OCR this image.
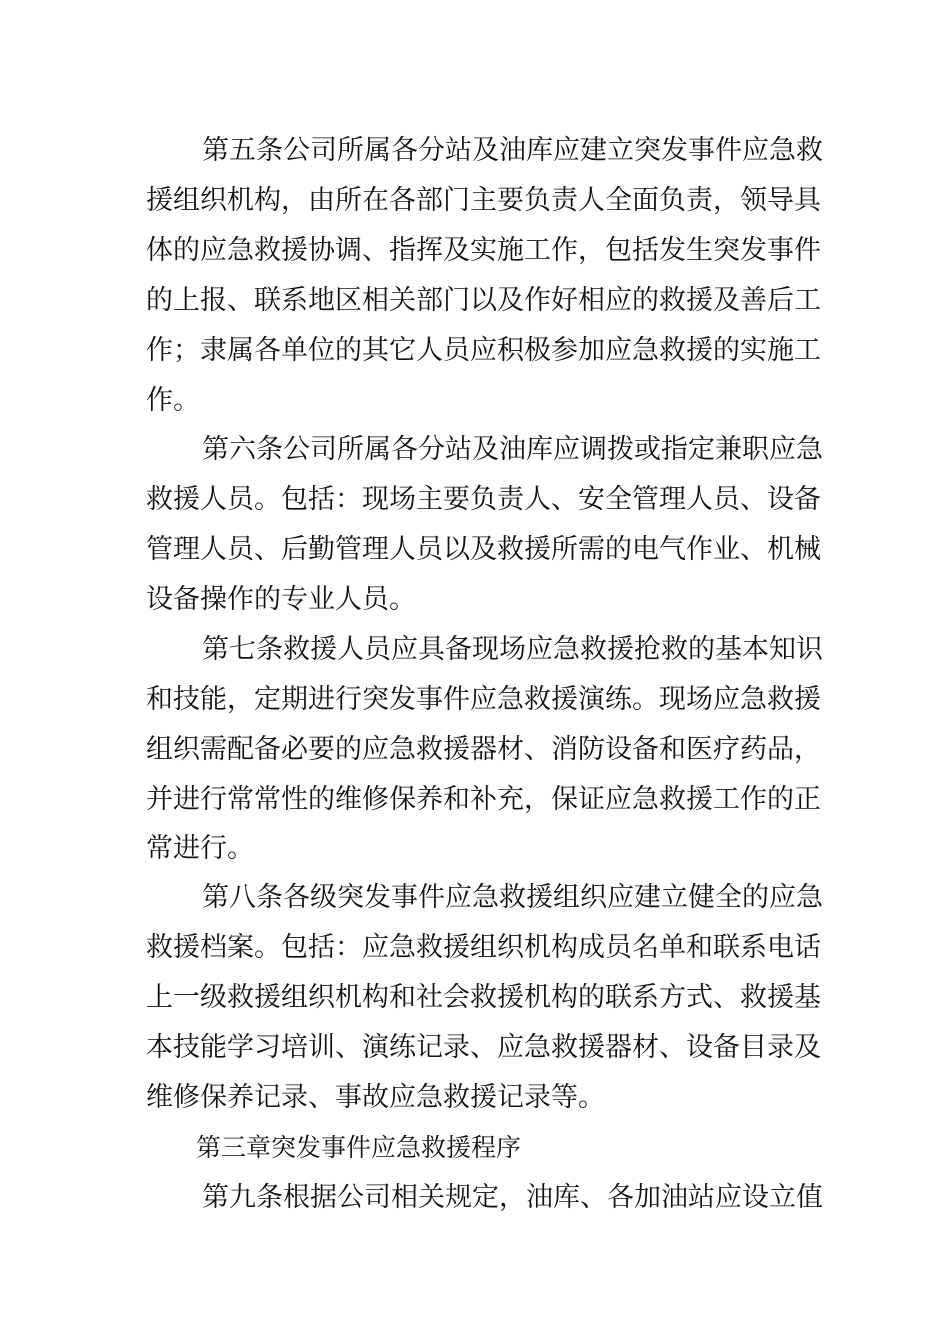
第五条公司所属各分站及油库应建立突发事件应急救
援组织机构，由所在各部门主要负责人全面负责，领导具
体的应急救援协调、指挥及实施工作，包括发生突发事件
的上报、联系地区相关部门以及作好相应的救援及善后工
作；隶属各单位的其它人员应积极参加应急救援的实施工
作。
第六条公司所属各分站及油库应调拨或指定兼职应急
救援人员。包括：现场主要负责人、安全管理人员、设备
管理人员、后勤管理人员以及救援所需的电气作业、机械
设备操作的专业人员。
第七条救援人员应具备现场应急救援抢救的基本知识
和技能，定期进行突发事件应急救援演练。现场应急救援
组织需配备必要的应急救援器材、消防设备和医疗药品，
并进行常常性的维修保养和补充，保证应急救援工作的正
常进行。
第八条各级突发事件应急救援组织应建立健全的应急
救援档案。包括：应急救援组织机构成员名单和联系电话
上一级救援组织机构和社会救援机构的联系方式、救援基
本技能学习培训、演练记录、应急救援器材、设备目录及
维修保养记录、事故应急救援记录等。
第三章突发事件应急救援程序
第九条根据公司相关规定，油库、各加油站应设立值
